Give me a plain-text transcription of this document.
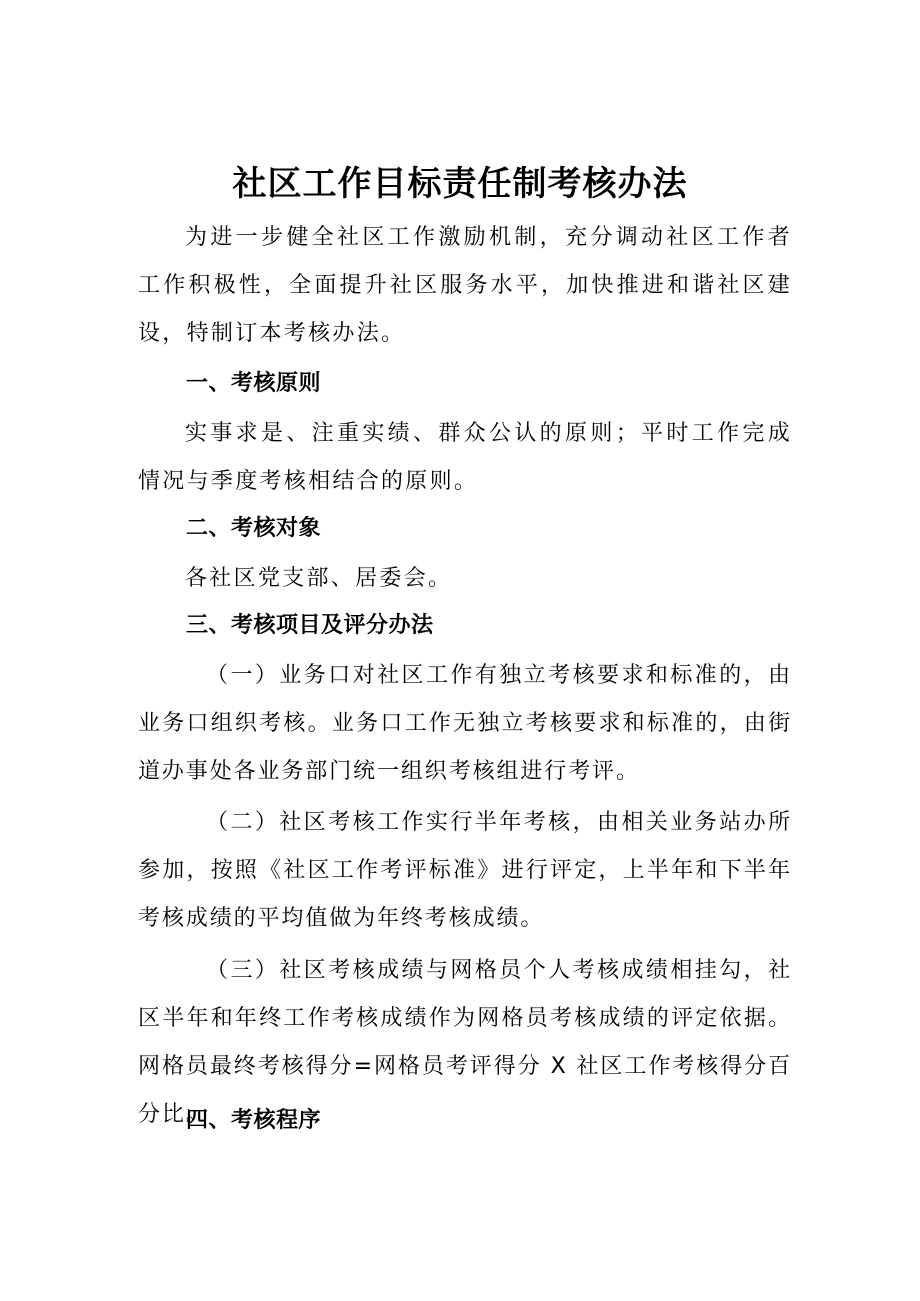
社区工作目标责任制考核办法

为进一步健全社区工作激励机制，充分调动社区工作者工作积极性，全面提升社区服务水平，加快推进和谐社区建设，特制订本考核办法。

一、考核原则

实事求是、注重实绩、群众公认的原则；平时工作完成情况与季度考核相结合的原则。

二、考核对象

各社区党支部、居委会。

三、考核项目及评分办法

（一）业务口对社区工作有独立考核要求和标准的，由业务口组织考核。业务口工作无独立考核要求和标准的，由街道办事处各业务部门统一组织考核组进行考评。

（二）社区考核工作实行半年考核，由相关业务站办所参加，按照《社区工作考评标准》进行评定，上半年和下半年考核成绩的平均值做为年终考核成绩。

（三）社区考核成绩与网格员个人考核成绩相挂勾，社区半年和年终工作考核成绩作为网格员考核成绩的评定依据。网格员最终考核得分=网格员考评得分 X 社区工作考核得分百分比。

四、考核程序
